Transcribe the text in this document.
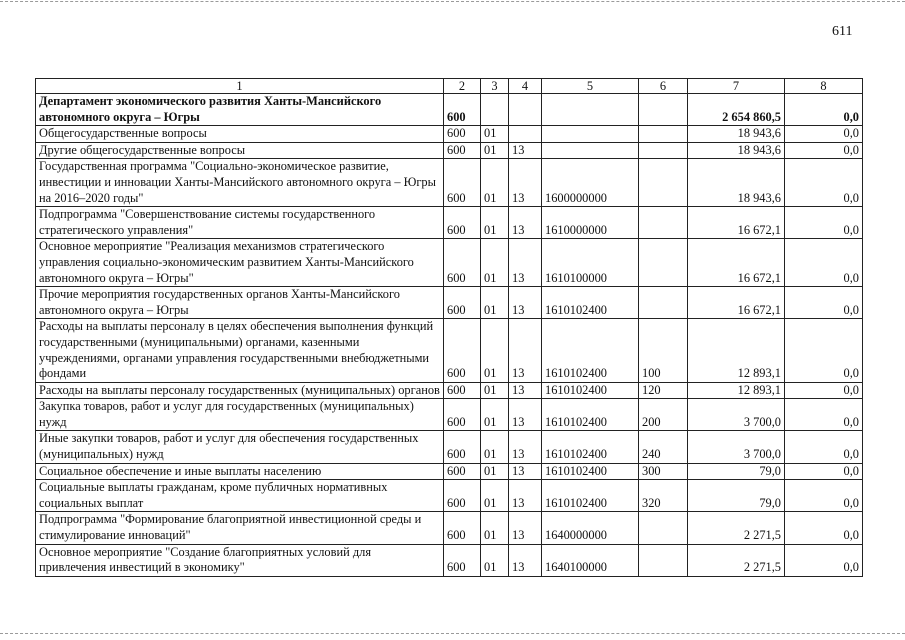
611
1	2	3	4	5	6	7	8
Департамент экономического развития Ханты-Мансийского автономного округа – Югры	600					2 654 860,5	0,0
Общегосударственные вопросы	600	01				18 943,6	0,0
Другие общегосударственные вопросы	600	01	13			18 943,6	0,0
Государственная программа "Социально-экономическое развитие, инвестиции и инновации Ханты-Мансийского автономного округа – Югры на 2016–2020 годы"	600	01	13	1600000000		18 943,6	0,0
Подпрограмма "Совершенствование системы государственного стратегического управления"	600	01	13	1610000000		16 672,1	0,0
Основное мероприятие "Реализация механизмов стратегического управления социально-экономическим развитием Ханты-Мансийского автономного округа – Югры"	600	01	13	1610100000		16 672,1	0,0
Прочие мероприятия государственных органов Ханты-Мансийского автономного округа – Югры	600	01	13	1610102400		16 672,1	0,0
Расходы на выплаты персоналу в целях обеспечения выполнения функций государственными (муниципальными) органами, казенными учреждениями, органами управления государственными внебюджетными фондами	600	01	13	1610102400	100	12 893,1	0,0
Расходы на выплаты персоналу государственных (муниципальных) органов	600	01	13	1610102400	120	12 893,1	0,0
Закупка товаров, работ и услуг для государственных (муниципальных) нужд	600	01	13	1610102400	200	3 700,0	0,0
Иные закупки товаров, работ и услуг для обеспечения государственных (муниципальных) нужд	600	01	13	1610102400	240	3 700,0	0,0
Социальное обеспечение и иные выплаты населению	600	01	13	1610102400	300	79,0	0,0
Социальные выплаты гражданам, кроме публичных нормативных социальных выплат	600	01	13	1610102400	320	79,0	0,0
Подпрограмма "Формирование благоприятной инвестиционной среды и стимулирование инноваций"	600	01	13	1640000000		2 271,5	0,0
Основное мероприятие "Создание благоприятных условий для привлечения инвестиций в экономику"	600	01	13	1640100000		2 271,5	0,0
